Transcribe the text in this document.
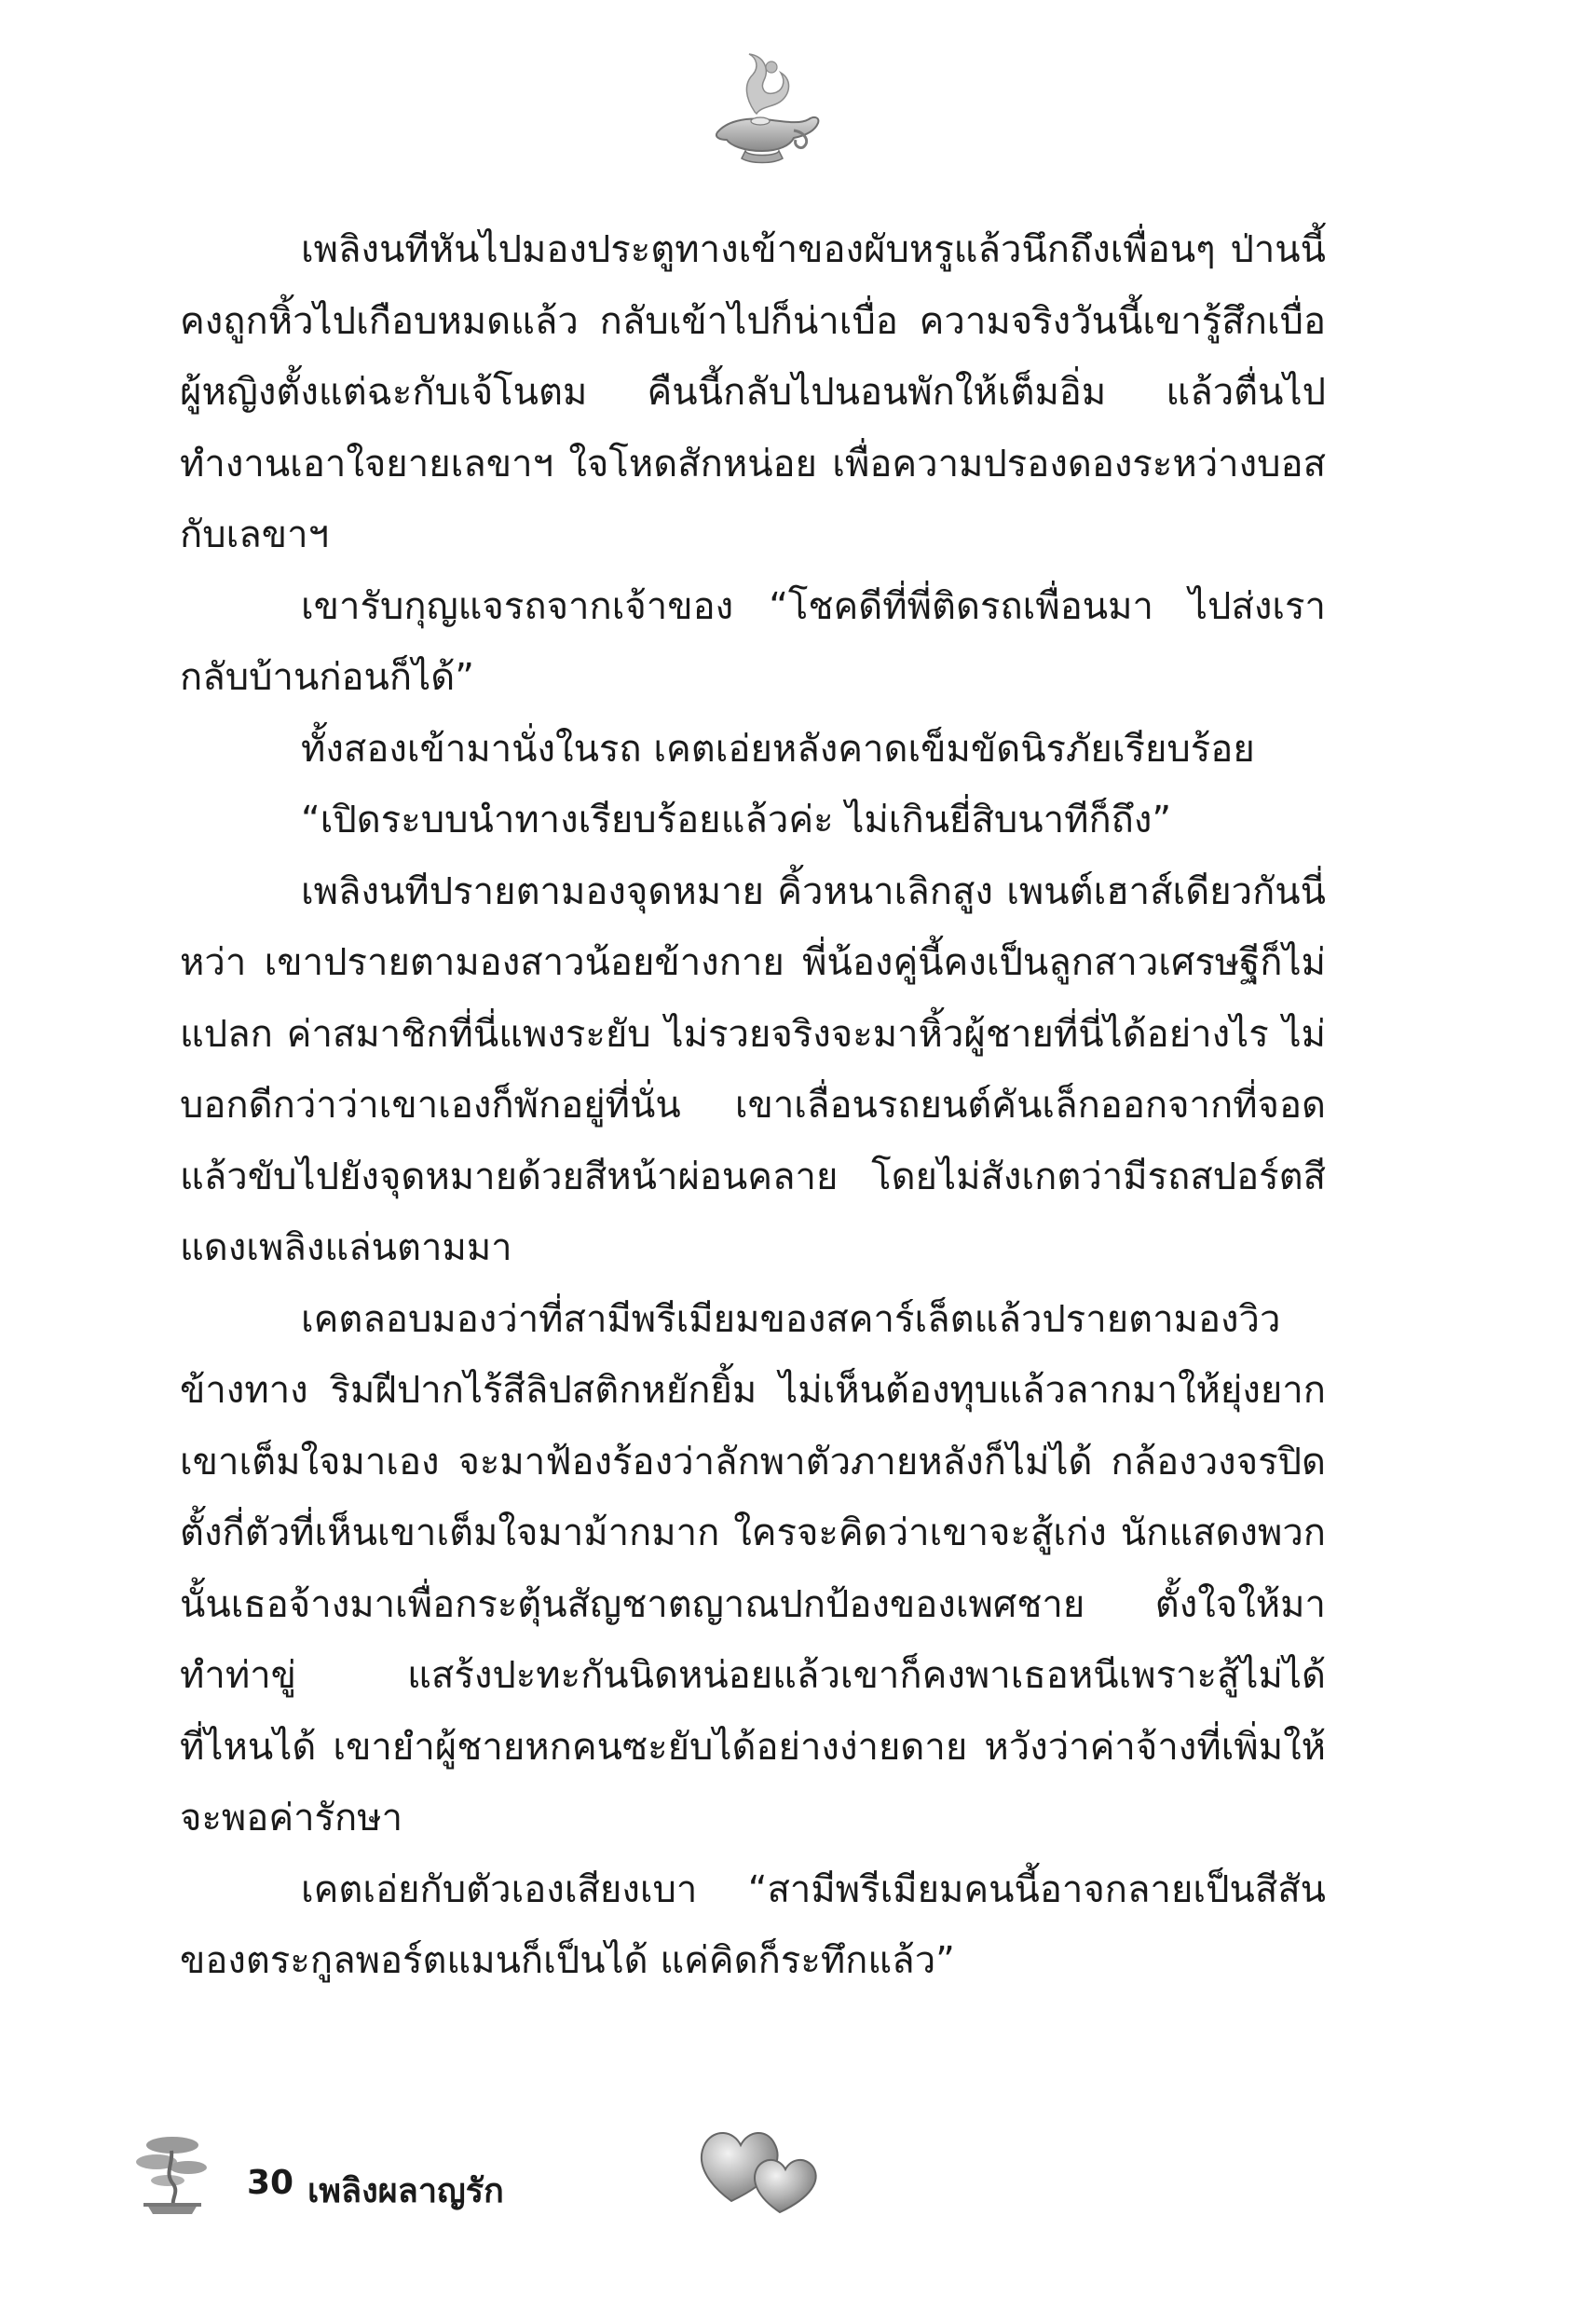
เพลิงนทีหันไปมองประตูทางเข้าของผับหรูแล้วนึกถึงเพื่อนๆ ป่านนี้คงถูกหิ้วไปเกือบหมดแล้ว กลับเข้าไปก็น่าเบื่อ ความจริงวันนี้เขารู้สึกเบื่อผู้หญิงตั้งแต่ฉะกับเจ้โนตม คืนนี้กลับไปนอนพักให้เต็มอิ่ม แล้วตื่นไปทำงานเอาใจยายเลขาฯ ใจโหดสักหน่อย เพื่อความปรองดองระหว่างบอสกับเลขาฯ

เขารับกุญแจรถจากเจ้าของ “โชคดีที่พี่ติดรถเพื่อนมา ไปส่งเรากลับบ้านก่อนก็ได้”

ทั้งสองเข้ามานั่งในรถ เคตเอ่ยหลังคาดเข็มขัดนิรภัยเรียบร้อย

“เปิดระบบนำทางเรียบร้อยแล้วค่ะ ไม่เกินยี่สิบนาทีก็ถึง”

เพลิงนทีปรายตามองจุดหมาย คิ้วหนาเลิกสูง เพนต์เฮาส์เดียวกันนี่หว่า เขาปรายตามองสาวน้อยข้างกาย พี่น้องคู่นี้คงเป็นลูกสาวเศรษฐีก็ไม่แปลก ค่าสมาชิกที่นี่แพงระยับ ไม่รวยจริงจะมาหิ้วผู้ชายที่นี่ได้อย่างไร ไม่บอกดีกว่าว่าเขาเองก็พักอยู่ที่นั่น เขาเลื่อนรถยนต์คันเล็กออกจากที่จอดแล้วขับไปยังจุดหมายด้วยสีหน้าผ่อนคลาย โดยไม่สังเกตว่ามีรถสปอร์ตสีแดงเพลิงแล่นตามมา

เคตลอบมองว่าที่สามีพรีเมียมของสคาร์เล็ตแล้วปรายตามองวิวข้างทาง ริมฝีปากไร้สีลิปสติกหยักยิ้ม ไม่เห็นต้องทุบแล้วลากมาให้ยุ่งยาก เขาเต็มใจมาเอง จะมาฟ้องร้องว่าลักพาตัวภายหลังก็ไม่ได้ กล้องวงจรปิดตั้งกี่ตัวที่เห็นเขาเต็มใจมาม้ากมาก ใครจะคิดว่าเขาจะสู้เก่ง นักแสดงพวกนั้นเธอจ้างมาเพื่อกระตุ้นสัญชาตญาณปกป้องของเพศชาย ตั้งใจให้มาทำท่าขู่ แสร้งปะทะกันนิดหน่อยแล้วเขาก็คงพาเธอหนีเพราะสู้ไม่ได้ ที่ไหนได้ เขายำผู้ชายหกคนซะยับได้อย่างง่ายดาย หวังว่าค่าจ้างที่เพิ่มให้จะพอค่ารักษา

เคตเอ่ยกับตัวเองเสียงเบา “สามีพรีเมียมคนนี้อาจกลายเป็นสีสันของตระกูลพอร์ตแมนก็เป็นได้ แค่คิดก็ระทึกแล้ว”

30 เพลิงผลาญรัก
